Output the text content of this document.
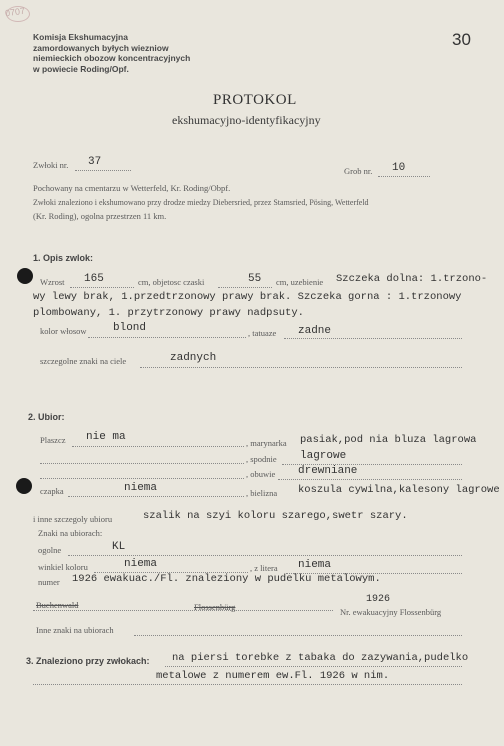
0707
30
Komisja Ekshumacyjna
zamordowanych byłych wiezniow
niemieckich obozow koncentracyjnych
w powiecie Roding/Opf.
PROTOKOL
ekshumacyjno-identyfikacyjny
Zwłoki nr. 37
Grob nr. 10
Pochowany na cmentarzu w Wetterfeld, Kr. Roding/Obpf.
Zwłoki znaleziono i ekshumowano przy drodze miedzy Diebersried, przez Stamsried, Pösing, Wetterfeld
(Kr. Roding), ogolna przestrzen 11 km.
1. Opis zwlok:
Wzrost 165	cm, objetosc czaski	55 cm, uzebienie Szczeka dolna: 1.trzono-
wy lewy brak, 1.przedtrzonowy prawy brak. Szczeka gorna : 1.trzonowy
plombowany, 1. przytrzonowy prawy nadpsuty.
kolor włosow blond	, tatuaze zadne
szczegolne znaki na ciele	zadnych
2. Ubior:
Plaszcz nie ma	, marynarka pasiak,pod nia bluza lagrowa
, spodnie lagrowe
, obuwie drewniane
czapka	niema	, bielizna koszula cywilna,kalesony lagrowe
i inne szczegoly ubioru	szalik na szyi koloru szarego,swetr szary.
Znaki na ubiorach:
ogolne	KL
winkiel koloru	niema	, z litera niema
numer 1926 ewakuac./Fl. znaleziony w pudelku metalowym.
Buchenwald	Flossenbürg
1926
Nr. ewakuacyjny Flossenbürg
Inne znaki na ubiorach
3. Znaleziono przy zwłokach: na piersi torebke z tabaka do zazywania,pudelko
metalowe z numerem ew.Fl. 1926 w nim.
